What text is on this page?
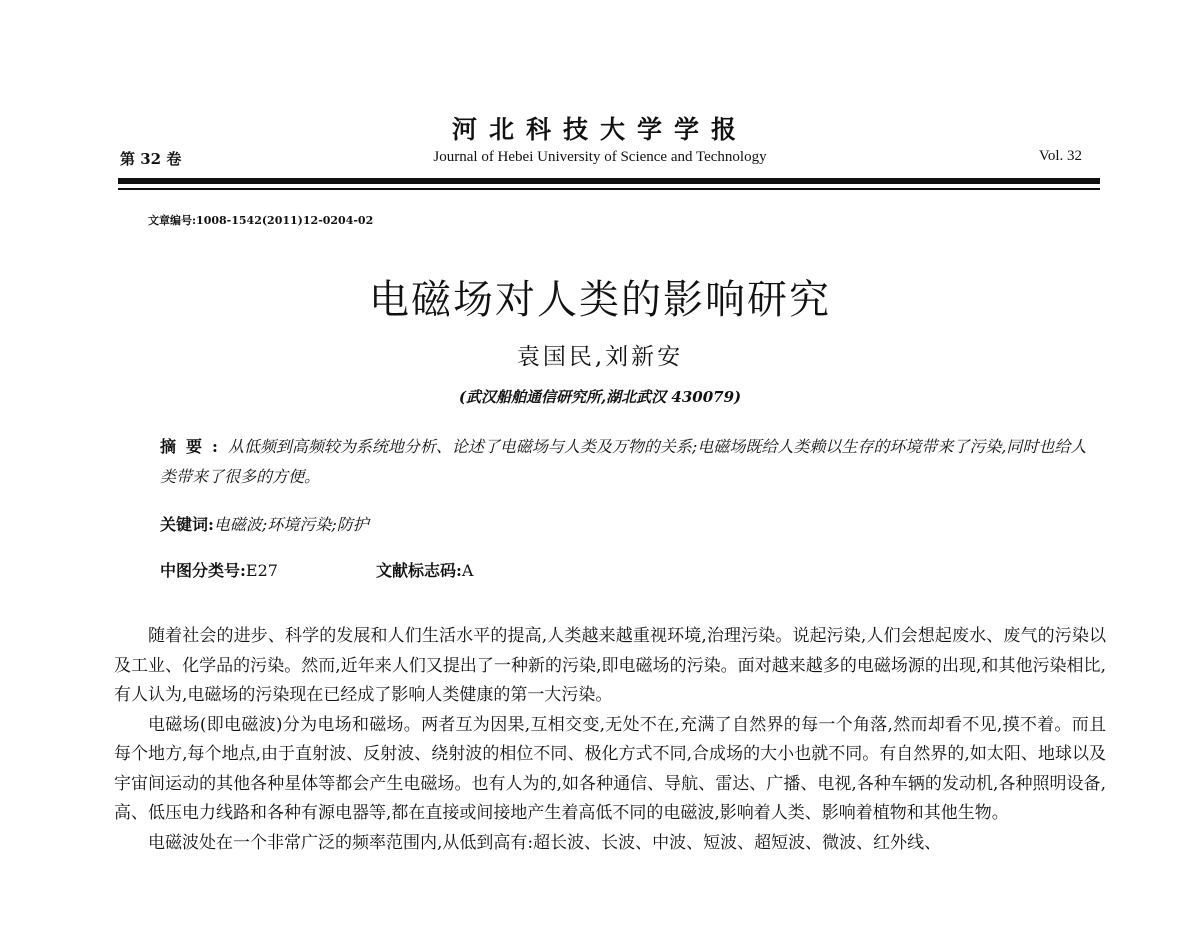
河北科技大学学报
第 32 卷	Journal of Hebei University of Science and Technology	Vol. 32
文章编号:1008-1542(2011)12-0204-02
电磁场对人类的影响研究
袁国民,刘新安
(武汉船舶通信研究所,湖北武汉 430079)
摘要:从低频到高频较为系统地分析、论述了电磁场与人类及万物的关系;电磁场既给人类赖以生存的环境带来了污染,同时也给人类带来了很多的方便。
关键词:电磁波;环境污染;防护
中图分类号:E27	文献标志码:A

随着社会的进步、科学的发展和人们生活水平的提高,人类越来越重视环境,治理污染。说起污染,人们会想起废水、废气的污染以及工业、化学品的污染。然而,近年来人们又提出了一种新的污染,即电磁场的污染。面对越来越多的电磁场源的出现,和其他污染相比,有人认为,电磁场的污染现在已经成了影响人类健康的第一大污染。

电磁场(即电磁波)分为电场和磁场。两者互为因果,互相交变,无处不在,充满了自然界的每一个角落,然而却看不见,摸不着。而且每个地方,每个地点,由于直射波、反射波、绕射波的相位不同、极化方式不同,合成场的大小也就不同。有自然界的,如太阳、地球以及宇宙间运动的其他各种星体等都会产生电磁场。也有人为的,如各种通信、导航、雷达、广播、电视,各种车辆的发动机,各种照明设备,高、低压电力线路和各种有源电器等,都在直接或间接地产生着高低不同的电磁波,影响着人类、影响着植物和其他生物。

电磁波处在一个非常广泛的频率范围内,从低到高有:超长波、长波、中波、短波、超短波、微波、红外线、
